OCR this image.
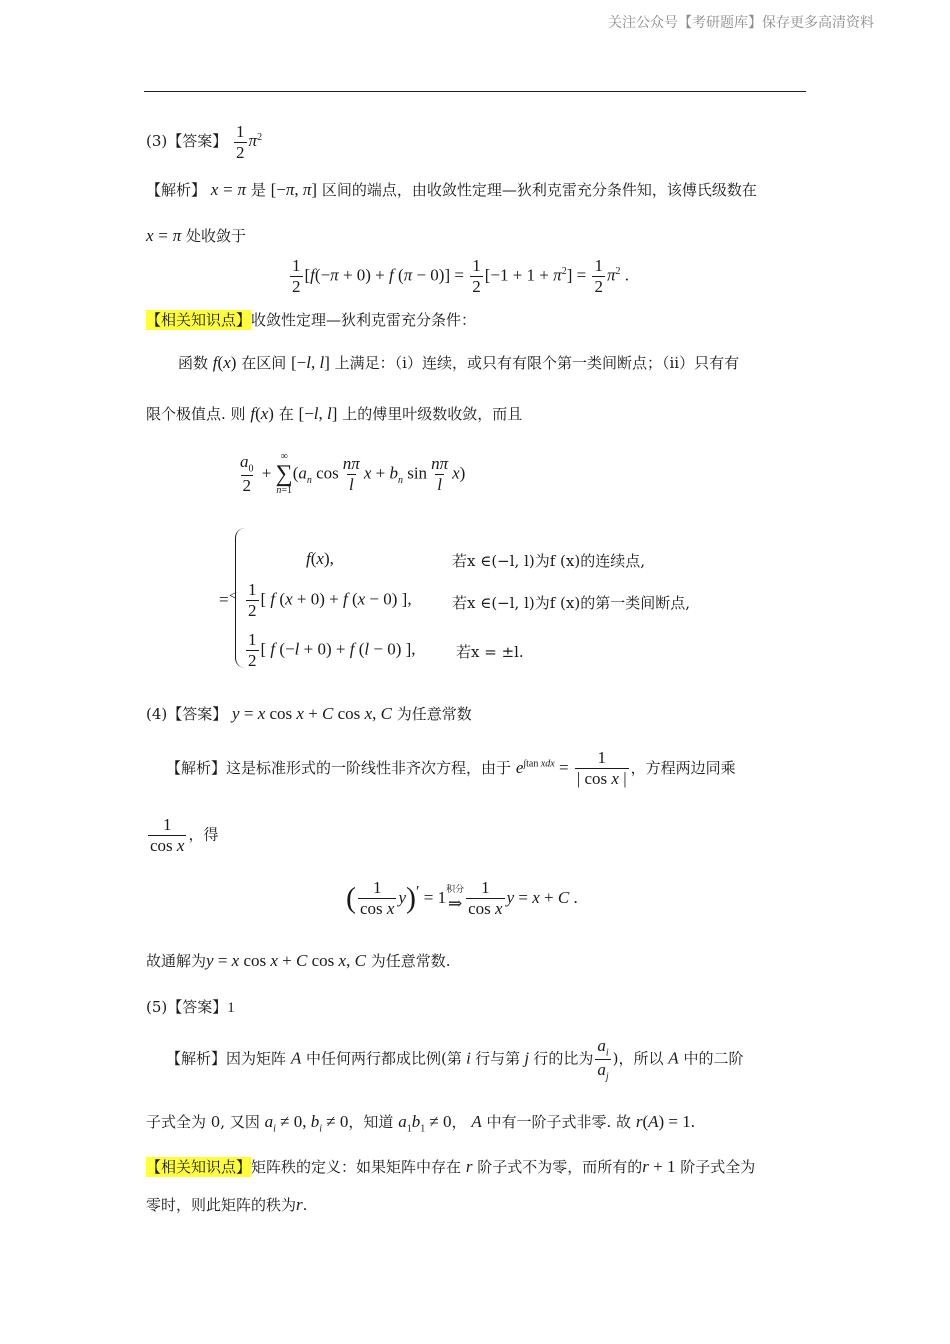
关注公众号【考研题库】保存更多高清资料
(3)【答案】 $\frac{1}{2} \pi^2$
【解析】 x = π 是 [−π, π] 区间的端点，由收敛性定理—狄利克雷充分条件知，该傅氏级数在
x = π 处收敛于
$\frac{1}{2} [f(-\pi + 0) + f$ $(\pi - 0)] = \frac{1}{2} [-1 + 1 + \pi^2] = \frac{1}{2} \pi^2$ .
【相关知识点】收敛性定理—狄利克雷充分条件：
函数 f(x) 在区间 [−l, l] 上满足：（i）连续，或只有有限个第一类间断点；（ii）只有有
限个极值点. 则 f(x) 在 [−l, l] 上的傅里叶级数收敛，而且
$\frac{a_0}{2}$ +
∞
∑
n=1
($a_n$ $\cos \frac{n\pi}{l}$ $x + b_n$ $\sin \frac{n\pi}{l} x$)
= <
f(x),	若x ∈(−l, l)为f (x)的连续点,
$\frac{1}{2}$ [ f (x + 0) + f (x − 0) ],	若x ∈(−l, l)为f (x)的第一类间断点,
$\frac{1}{2}$ [ f (−l + 0) + f (l − 0) ],	若x = ±l.
(4)【答案】 y = x cos x + C cos x, C 为任意常数
【解析】这是标准形式的一阶线性非齐次方程，由于 $e^{\int tan xdx} = \frac{1}{\text{| cos x |}}$ ，方程两边同乘
$\frac{1}{\text{cos x}}$ ，得
( $\frac{1}{\text{cos x}} y)' = 1$ 积分
⇒ $\frac{1}{\text{cos x}}$ y = x + C .
故通解为y = x cos x + C cos x, C 为任意常数.
(5)【答案】1
【解析】因为矩阵 A 中任何两行都成比例(第 i 行与第 j 行的比为 $\frac{a_i}{a_j}$ )，所以 A 中的二阶
子式全为 0, 又因 $a_i \ne 0$, $b_i \ne 0$，知道 $a_1b_1 \ne 0$， A 中有一阶子式非零. 故 r(A) = 1.
【相关知识点】矩阵秩的定义：如果矩阵中存在 r 阶子式不为零，而所有的r + 1 阶子式全为
零时，则此矩阵的秩为r.
